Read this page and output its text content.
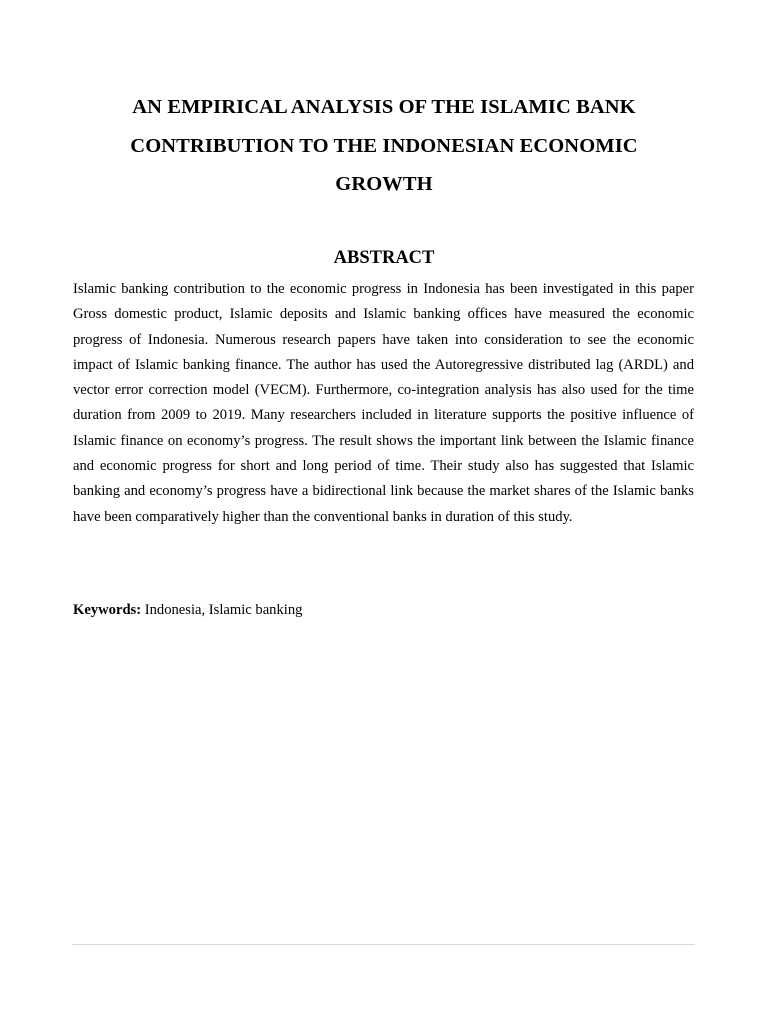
AN EMPIRICAL ANALYSIS OF THE ISLAMIC BANK
CONTRIBUTION TO THE INDONESIAN ECONOMIC
GROWTH
ABSTRACT

Islamic banking contribution to the economic progress in Indonesia has been investigated in this paper Gross domestic product, Islamic deposits and Islamic banking offices have measured the economic progress of Indonesia. Numerous research papers have taken into consideration to see the economic impact of Islamic banking finance. The author has used the Autoregressive distributed lag (ARDL) and vector error correction model (VECM). Furthermore, co-integration analysis has also used for the time duration from 2009 to 2019. Many researchers included in literature supports the positive influence of Islamic finance on economy’s progress. The result shows the important link between the Islamic finance and economic progress for short and long period of time. Their study also has suggested that Islamic banking and economy’s progress have a bidirectional link because the market shares of the Islamic banks have been comparatively higher than the conventional banks in duration of this study.

Keywords: Indonesia, Islamic banking
